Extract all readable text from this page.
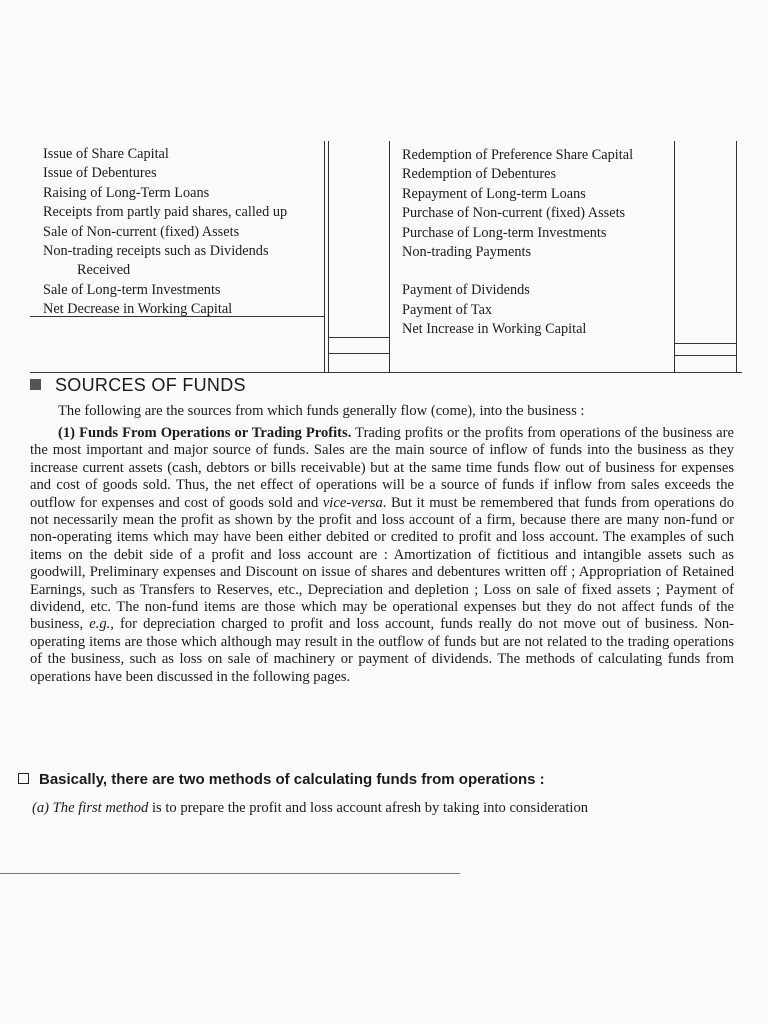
Issue of Share Capital
Issue of Debentures
Raising of Long-Term Loans
Receipts from partly paid shares, called up
Sale of Non-current (fixed) Assets
Non-trading receipts such as Dividends
Received
Sale of Long-term Investments
Net Decrease in Working Capital
Redemption of Preference Share Capital
Redemption of Debentures
Repayment of Long-term Loans
Purchase of Non-current (fixed) Assets
Purchase of Long-term Investments
Non-trading Payments
Payment of Dividends
Payment of Tax
Net Increase in Working Capital
SOURCES OF FUNDS
The following are the sources from which funds generally flow (come), into the business :
(1) Funds From Operations or Trading Profits. Trading profits or the profits from operations of the business are the most important and major source of funds. Sales are the main source of inflow of funds into the business as they increase current assets (cash, debtors or bills receivable) but at the same time funds flow out of business for expenses and cost of goods sold. Thus, the net effect of operations will be a source of funds if inflow from sales exceeds the outflow for expenses and cost of goods sold and vice-versa. But it must be remembered that funds from operations do not necessarily mean the profit as shown by the profit and loss account of a firm, because there are many non-fund or non-operating items which may have been either debited or credited to profit and loss account. The examples of such items on the debit side of a profit and loss account are : Amortization of fictitious and intangible assets such as goodwill, Preliminary expenses and Discount on issue of shares and debentures written off ; Appropriation of Retained Earnings, such as Transfers to Reserves, etc., Depreciation and depletion ; Loss on sale of fixed assets ; Payment of dividend, etc. The non-fund items are those which may be operational expenses but they do not affect funds of the business, e.g., for depreciation charged to profit and loss account, funds really do not move out of business. Non-operating items are those which although may result in the outflow of funds but are not related to the trading operations of the business, such as loss on sale of machinery or payment of dividends. The methods of calculating funds from operations have been discussed in the following pages.
Basically, there are two methods of calculating funds from operations :
(a) The first method is to prepare the profit and loss account afresh by taking into consideration
